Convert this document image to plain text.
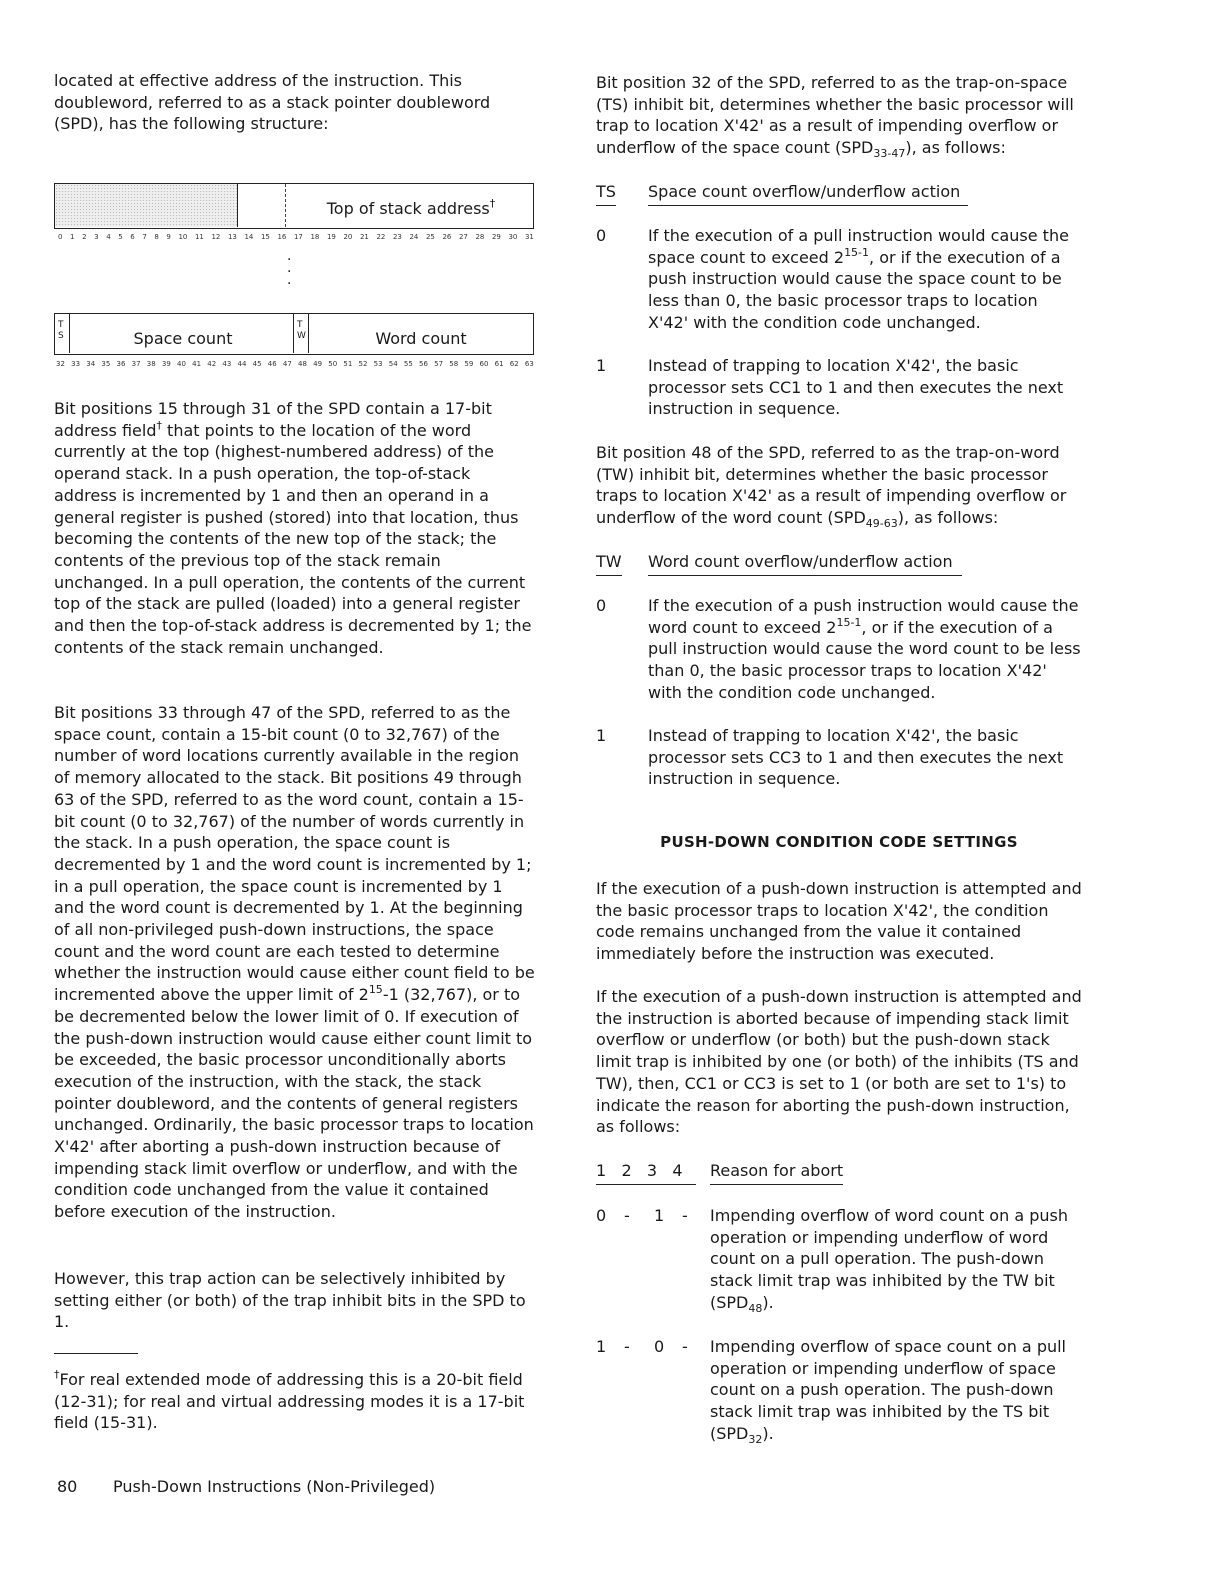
located at effective address of the instruction. This doubleword, referred to as a stack pointer doubleword (SPD), has the following structure:

Top of stack address†
0 1 2 3 4 5 6 7 8 9 10 11 12 13 14 15 16 17 18 19 20 21 22 23 24 25 26 27 28 29 30 31
·
·
·
T
S	Space count
T
W	Word count
32 33 34 35 36 37 38 39 40 41 42 43 44 45 46 47 48 49 50 51 52 53 54 55 56 57 58 59 60 61 62 63

Bit positions 15 through 31 of the SPD contain a 17-bit address field† that points to the location of the word currently at the top (highest-numbered address) of the operand stack. In a push operation, the top-of-stack address is incremented by 1 and then an operand in a general register is pushed (stored) into that location, thus becoming the contents of the new top of the stack; the contents of the previous top of the stack remain unchanged. In a pull operation, the contents of the current top of the stack are pulled (loaded) into a general register and then the top-of-stack address is decremented by 1; the contents of the stack remain unchanged.

Bit positions 33 through 47 of the SPD, referred to as the space count, contain a 15-bit count (0 to 32,767) of the number of word locations currently available in the region of memory allocated to the stack. Bit positions 49 through 63 of the SPD, referred to as the word count, contain a 15-bit count (0 to 32,767) of the number of words currently in the stack. In a push operation, the space count is decremented by 1 and the word count is incremented by 1; in a pull operation, the space count is incremented by 1 and the word count is decremented by 1. At the beginning of all non-privileged push-down instructions, the space count and the word count are each tested to determine whether the instruction would cause either count field to be incremented above the upper limit of $2^{15}-1$ (32,767), or to be decremented below the lower limit of 0. If execution of the push-down instruction would cause either count limit to be exceeded, the basic processor unconditionally aborts execution of the instruction, with the stack, the stack pointer doubleword, and the contents of general registers unchanged. Ordinarily, the basic processor traps to location X'42' after aborting a push-down instruction because of impending stack limit overflow or underflow, and with the condition code unchanged from the value it contained before execution of the instruction.

However, this trap action can be selectively inhibited by setting either (or both) of the trap inhibit bits in the SPD to 1.

†For real extended mode of addressing this is a 20-bit field (12-31); for real and virtual addressing modes it is a 17-bit field (15-31).

80 Push-Down Instructions (Non-Privileged)

Bit position 32 of the SPD, referred to as the trap-on-space (TS) inhibit bit, determines whether the basic processor will trap to location X'42' as a result of impending overflow or underflow of the space count $(SPD_{33-47})$, as follows:

TS Space count overflow/underflow action
0	If the execution of a pull instruction would cause the space count to exceed 2$^{15-1}$, or if the execution of a push instruction would cause the space count to be less than 0, the basic processor traps to location X'42' with the condition code unchanged.
1	Instead of trapping to location X'42', the basic processor sets CC1 to 1 and then executes the next instruction in sequence.

Bit position 48 of the SPD, referred to as the trap-on-word (TW) inhibit bit, determines whether the basic processor traps to location X'42' as a result of impending overflow or underflow of the word count $(SPD_{49-63})$, as follows:

TW Word count overflow/underflow action
0	If the execution of a push instruction would cause the word count to exceed 2$^{15-1}$, or if the execution of a pull instruction would cause the word count to be less than 0, the basic processor traps to location X'42' with the condition code unchanged.
1	Instead of trapping to location X'42', the basic processor sets CC3 to 1 and then executes the next instruction in sequence.
PUSH-DOWN CONDITION CODE SETTINGS

If the execution of a push-down instruction is attempted and the basic processor traps to location X'42', the condition code remains unchanged from the value it contained immediately before the instruction was executed.

If the execution of a push-down instruction is attempted and the instruction is aborted because of impending stack limit overflow or underflow (or both) but the push-down stack limit trap is inhibited by one (or both) of the inhibits (TS and TW), then, CC1 or CC3 is set to 1 (or both are set to 1's) to indicate the reason for aborting the push-down instruction, as follows:

1 2 3 4	Reason for abort
0 - 1 - Impending overflow of word count on a push operation or impending underflow of word count on a pull operation. The push-down stack limit trap was inhibited by the TW bit $(SPD_{48})$.
1 - 0 - Impending overflow of space count on a pull operation or impending underflow of space count on a push operation. The push-down stack limit trap was inhibited by the TS bit $(SPD_{32})$.
